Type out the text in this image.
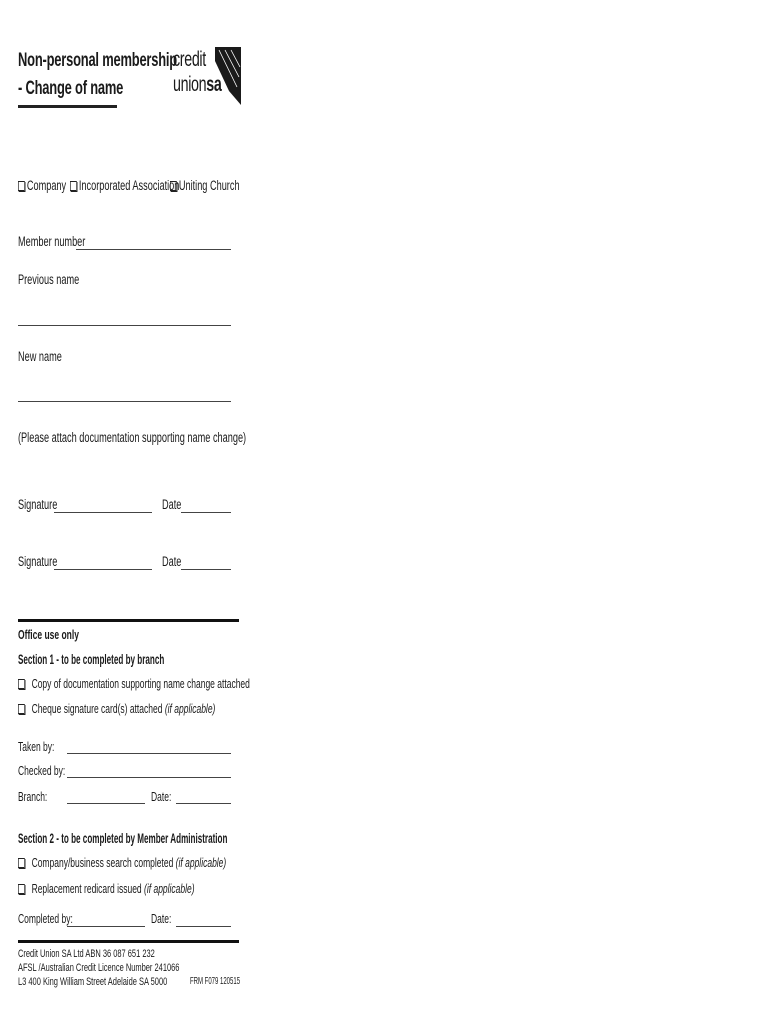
Non-personal membership
- Change of name
credit
unionsa
Company Incorporated Association Uniting Church
Member number
Previous name
New name
(Please attach documentation supporting name change)
Signature	Date
Signature	Date
Office use only
Section 1 - to be completed by branch
Copy of documentation supporting name change attached
Cheque signature card(s) attached (if applicable)
Taken by:
Checked by:
Branch:	Date:
Section 2 - to be completed by Member Administration
Company/business search completed (if applicable)
Replacement redicard issued (if applicable)
Completed by:	Date:
Credit Union SA Ltd ABN 36 087 651 232
AFSL /Australian Credit Licence Number 241066
L3 400 King William Street Adelaide SA 5000	FRM F079 120515
